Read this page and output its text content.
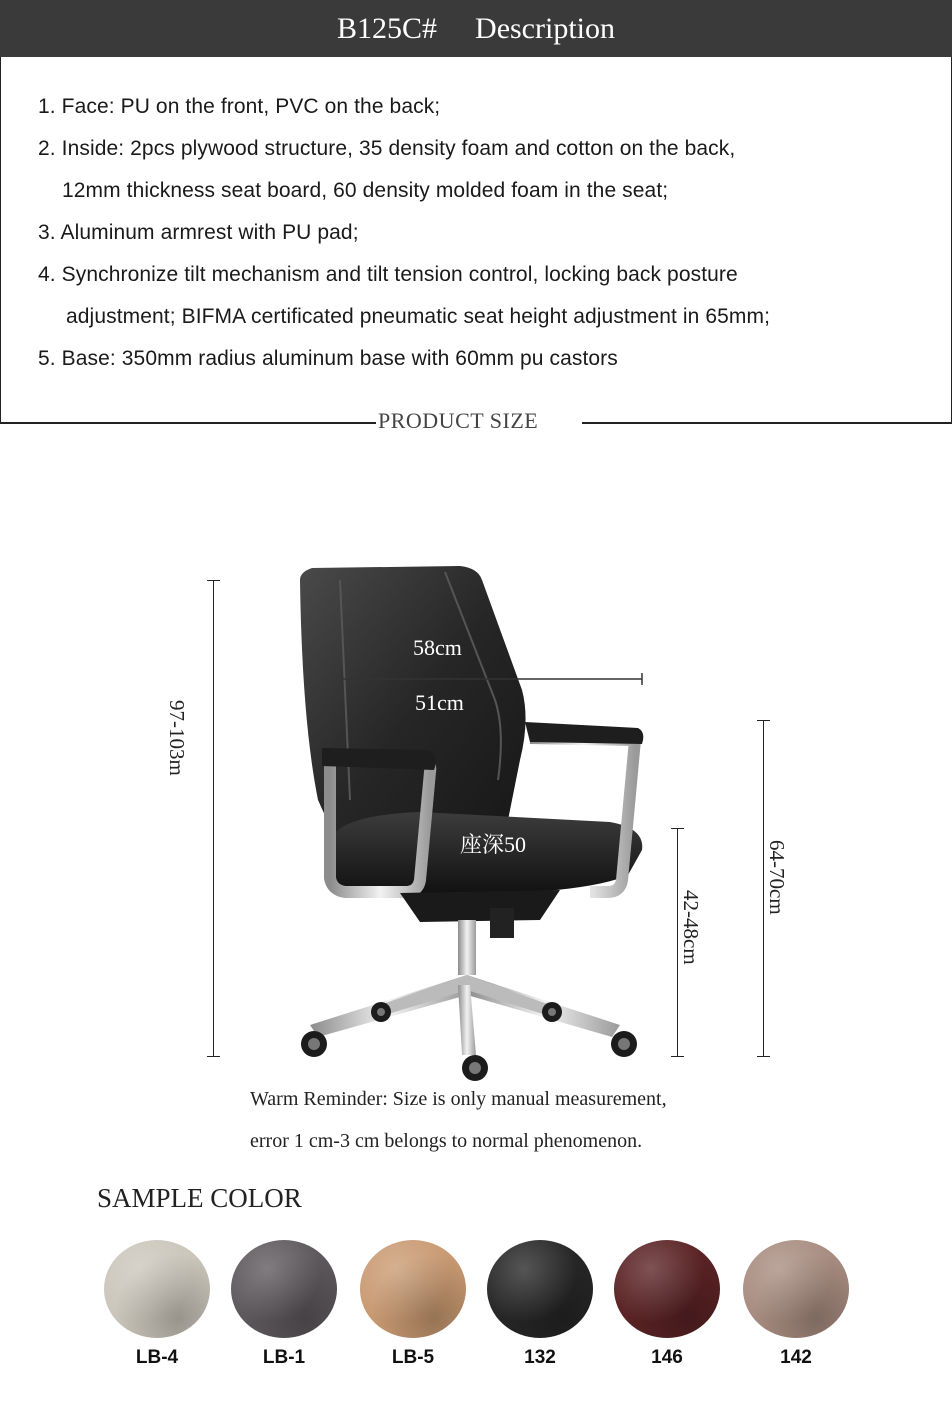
B125C# Description
1. Face: PU on the front, PVC on the back;
2. Inside: 2pcs plywood structure, 35 density foam and cotton on the back,
12mm thickness seat board, 60 density molded foam in the seat;
3. Aluminum armrest with PU pad;
4. Synchronize tilt mechanism and tilt tension control, locking back posture
adjustment; BIFMA certificated pneumatic seat height adjustment in 65mm;
5. Base: 350mm radius aluminum base with 60mm pu castors
PRODUCT SIZE
58cm
51cm
座深50
97-103m
42-48cm
64-70cm
Warm Reminder: Size is only manual measurement,
error 1 cm-3 cm belongs to normal phenomenon.
SAMPLE COLOR
LB-4	LB-1	LB-5	132	146	142
